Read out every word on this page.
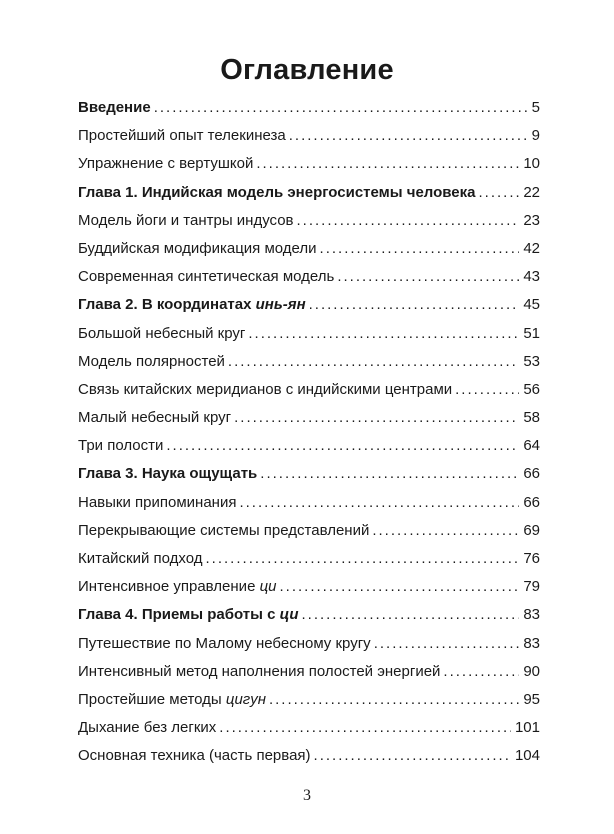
Оглавление
Введение .....	5
Простейший опыт телекинеза .....	9
Упражнение с вертушкой .....	10
Глава 1. Индийская модель энергосистемы человека .....	22
Модель йоги и тантры индусов .....	23
Буддийская модификация модели .....	42
Современная синтетическая модель .....	43
Глава 2. В координатах инь-ян .....	45
Большой небесный круг .....	51
Модель полярностей .....	53
Связь китайских меридианов с индийскими центрами .....	56
Малый небесный круг .....	58
Три полости .....	64
Глава 3. Наука ощущать .....	66
Навыки припоминания .....	66
Перекрывающие системы представлений .....	69
Китайский подход .....	76
Интенсивное управление ци .....	79
Глава 4. Приемы работы с ци .....	83
Путешествие по Малому небесному кругу .....	83
Интенсивный метод наполнения полостей энергией .....	90
Простейшие методы цигун .....	95
Дыхание без легких .....	101
Основная техника (часть первая) .....	104
3
